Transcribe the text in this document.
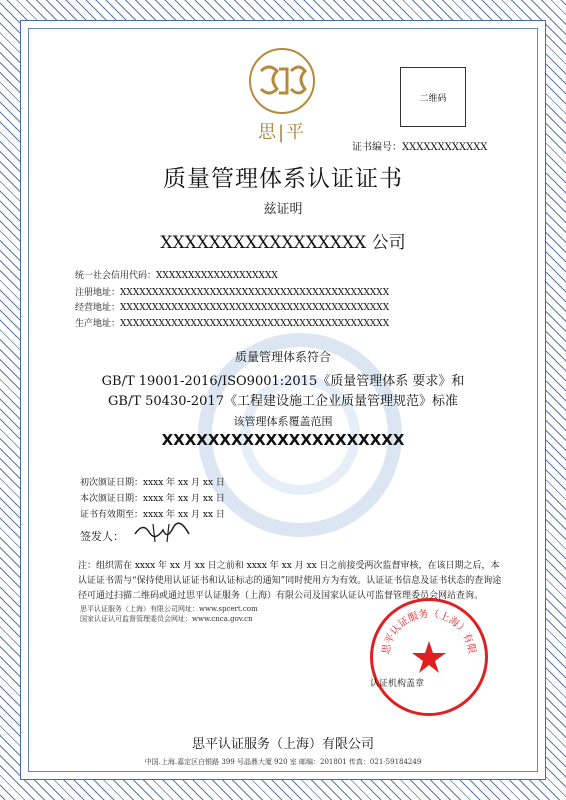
思|平
二维码
证书编号：XXXXXXXXXXXX
质量管理体系认证证书
兹证明
XXXXXXXXXXXXXXXXX 公司
统一社会信用代码：XXXXXXXXXXXXXXXXXXX
注册地址：XXXXXXXXXXXXXXXXXXXXXXXXXXXXXXXXXXXXXXXXXX
经营地址：XXXXXXXXXXXXXXXXXXXXXXXXXXXXXXXXXXXXXXXXXX
生产地址：XXXXXXXXXXXXXXXXXXXXXXXXXXXXXXXXXXXXXXXXXX
质量管理体系符合
GB/T 19001-2016/ISO9001:2015《质量管理体系 要求》和
GB/T 50430-2017《工程建设施工企业质量管理规范》标准
该管理体系覆盖范围
XXXXXXXXXXXXXXXXXXXXX
初次颁证日期：xxxx 年 xx 月 xx 日
本次颁证日期：xxxx 年 xx 月 xx 日
证书有效期至：xxxx 年 xx 月 xx 日
签发人：
注：组织需在 xxxx 年 xx 月 xx 日之前和 xxxx 年 xx 月 xx 日之前接受两次监督审核，在该日期之后，本认证证书需与“保持使用认证证书和认证标志的通知”同时使用方为有效。认证证书信息及证书状态的查询途径可通过扫描二维码或通过思平认证服务（上海）有限公司及国家认证认可监督管理委员会网站查询。
思平认证服务（上海）有限公司网址：www.spcert.com
国家认证认可监督管理委员会网址：www.cnca.gov.cn
思平认证服务（上海）有限
认证机构盖章
思平认证服务（上海）有限公司
中国.上海.嘉定区白银路 399 号晶鼎大厦 920 室 邮编：201801 传真：021-59184249
